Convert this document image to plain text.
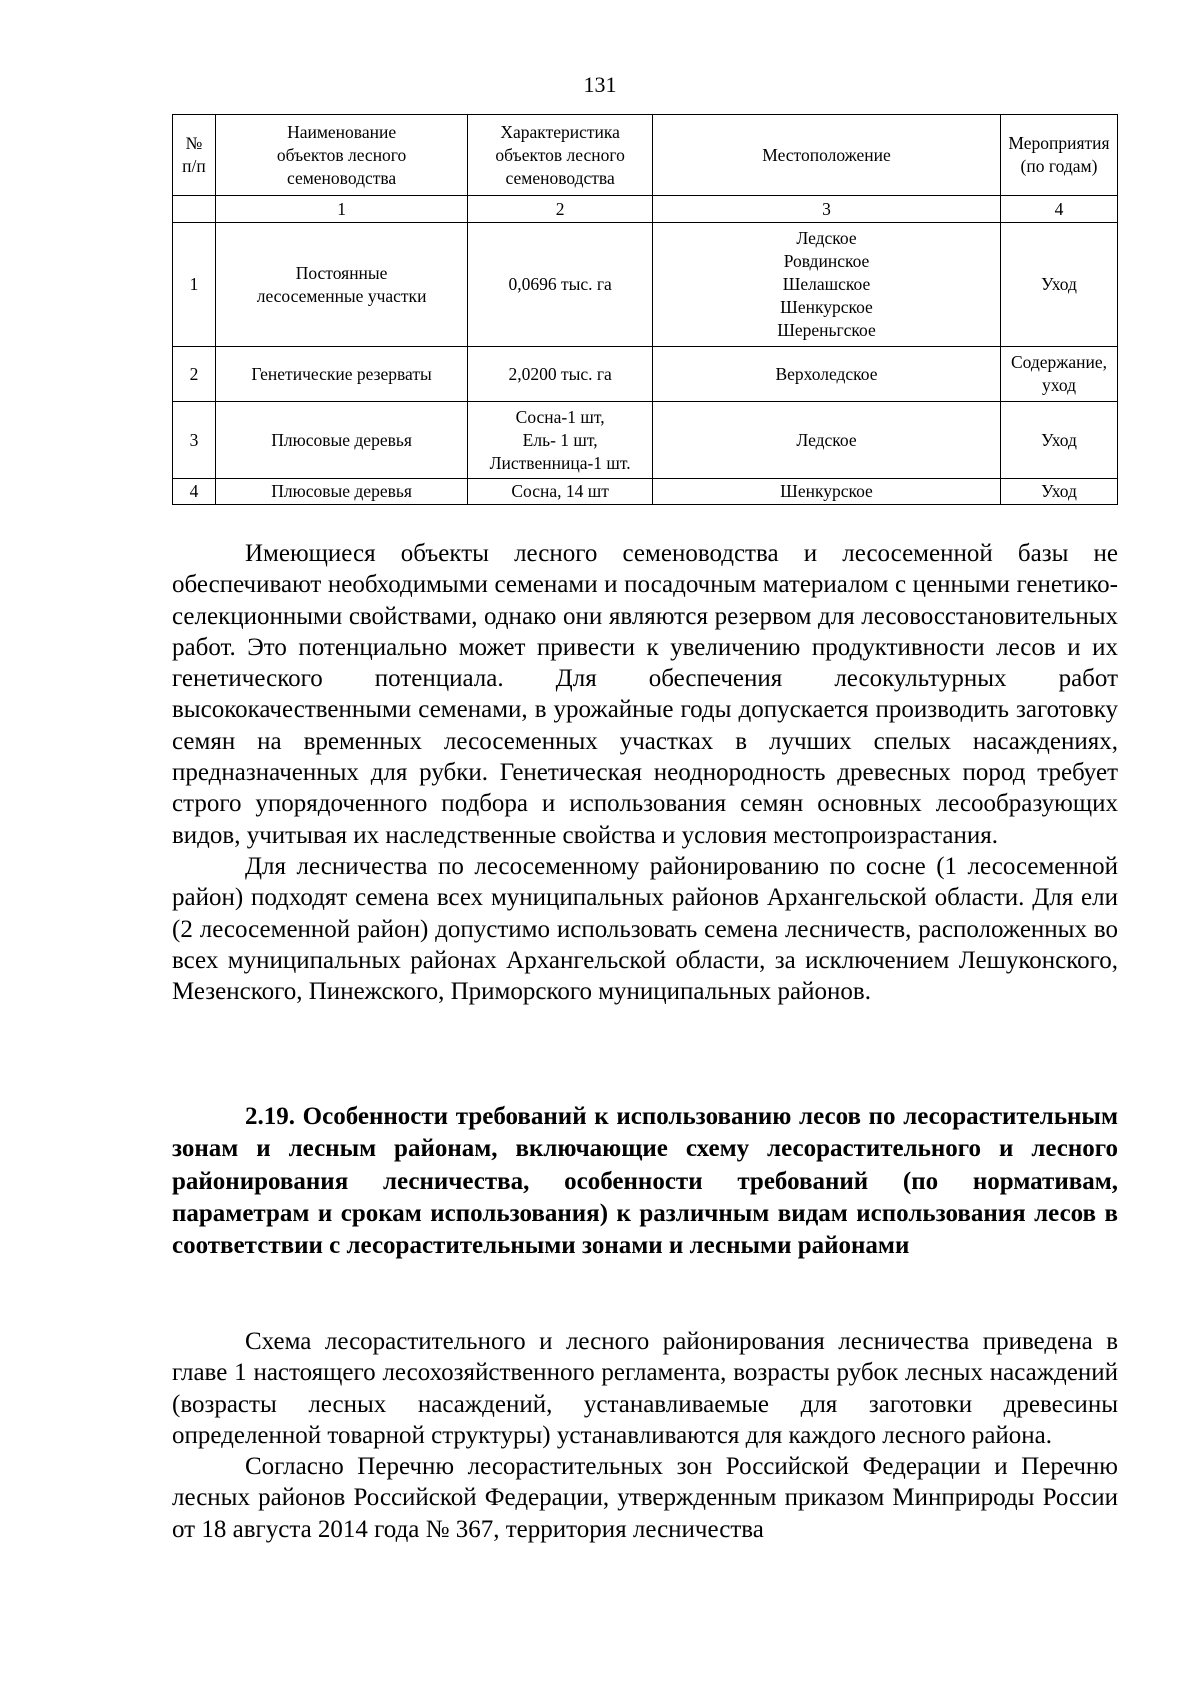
131
№
п/п	Наименование
объектов лесного
семеноводства	Характеристика
объектов лесного
семеноводства	Местоположение	Мероприятия
(по годам)

	1	2	3	4
1	Постоянные
лесосеменные участки	0,0696 тыс. га	Ледское
Ровдинское
Шелашское
Шенкурское
Шереньгское	Уход

2	Генетические резерваты	2,0200 тыс. га	Верхоледское	Содержание,
уход

3	Плюсовые деревья	Сосна-1 шт,
Ель- 1 шт,
Лиственница-1 шт.	Ледское	Уход

4	Плюсовые деревья	Сосна, 14 шт	Шенкурское	Уход

Имеющиеся объекты лесного семеноводства и лесосеменной базы не обеспечивают необходимыми семенами и посадочным материалом с ценными генетико-селекционными свойствами, однако они являются резервом для лесовосстановительных работ. Это потенциально может привести к увеличению продуктивности лесов и их генетического потенциала. Для обеспечения лесокультурных работ высококачественными семенами, в урожайные годы допускается производить заготовку семян на временных лесосеменных участках в лучших спелых насаждениях, предназначенных для рубки. Генетическая неоднородность древесных пород требует строго упорядоченного подбора и использования семян основных лесообразующих видов, учитывая их наследственные свойства и условия местопроизрастания.

Для лесничества по лесосеменному районированию по сосне (1 лесосеменной район) подходят семена всех муниципальных районов Архангельской области. Для ели (2 лесосеменной район) допустимо использовать семена лесничеств, расположенных во всех муниципальных районах Архангельской области, за исключением Лешуконского, Мезенского, Пинежского, Приморского муниципальных районов.

2.19. Особенности требований к использованию лесов по лесорастительным зонам и лесным районам, включающие схему лесорастительного и лесного районирования лесничества, особенности требований (по нормативам, параметрам и срокам использования) к различным видам использования лесов в соответствии с лесорастительными зонами и лесными районами

Схема лесорастительного и лесного районирования лесничества приведена в главе 1 настоящего лесохозяйственного регламента, возрасты рубок лесных насаждений (возрасты лесных насаждений, устанавливаемые для заготовки древесины определенной товарной структуры) устанавливаются для каждого лесного района.

Согласно Перечню лесорастительных зон Российской Федерации и Перечню лесных районов Российской Федерации, утвержденным приказом Минприроды России от 18 августа 2014 года № 367, территория лесничества
